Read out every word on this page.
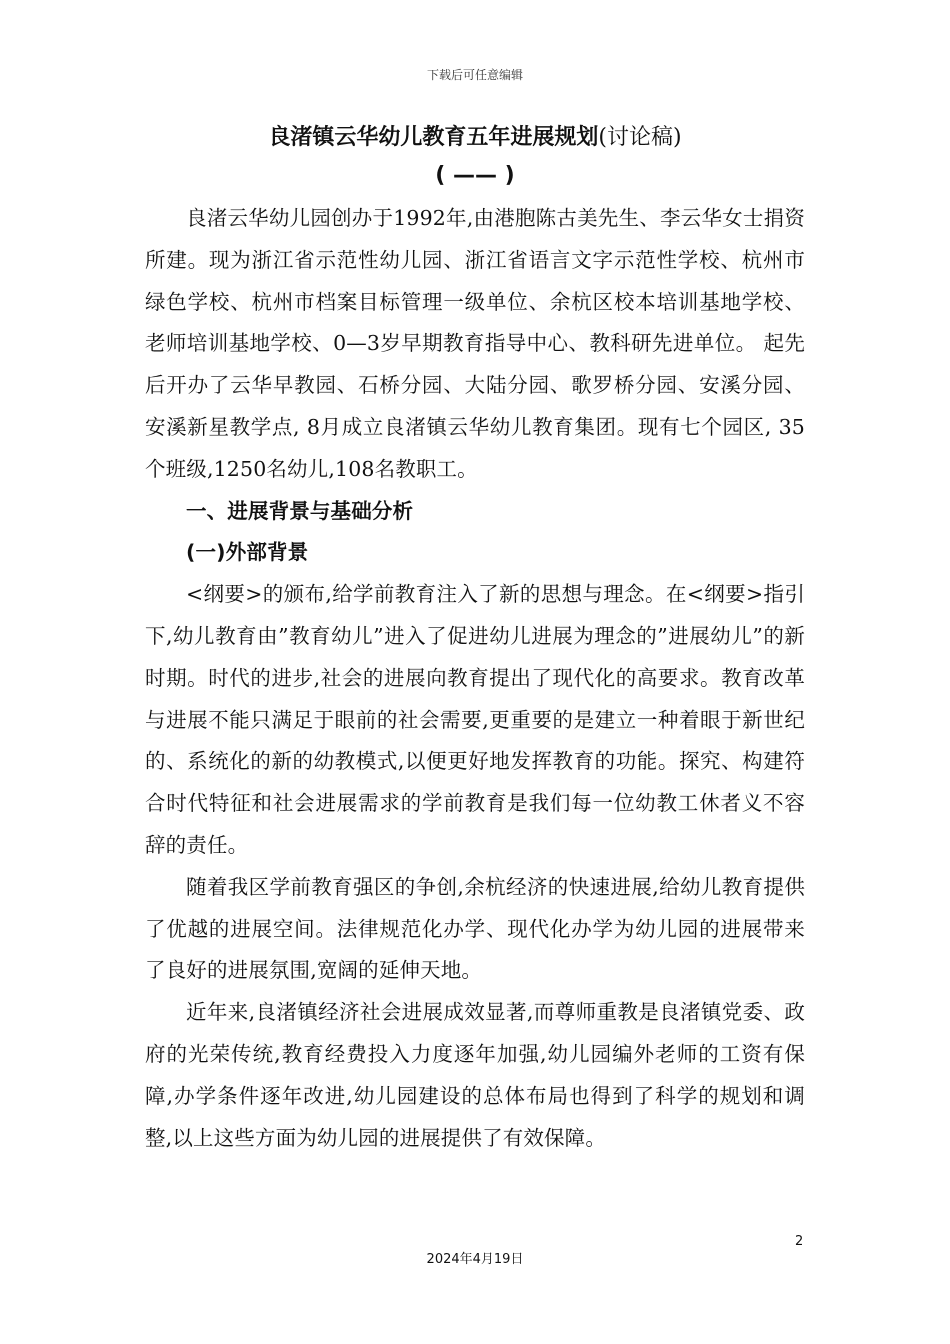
下载后可任意编辑
良渚镇云华幼儿教育五年进展规划(讨论稿)
( —— )

良渚云华幼儿园创办于1992年,由港胞陈古美先生、李云华女士捐资所建。现为浙江省示范性幼儿园、浙江省语言文字示范性学校、杭州市绿色学校、杭州市档案目标管理一级单位、余杭区校本培训基地学校、老师培训基地学校、0—3岁早期教育指导中心、教科研先进单位。 起先后开办了云华早教园、石桥分园、大陆分园、歌罗桥分园、安溪分园、安溪新星教学点, 8月成立良渚镇云华幼儿教育集团。现有七个园区, 35个班级,1250名幼儿,108名教职工。

一、进展背景与基础分析
(一)外部背景

<纲要>的颁布,给学前教育注入了新的思想与理念。在<纲要>指引下,幼儿教育由”教育幼儿”进入了促进幼儿进展为理念的”进展幼儿”的新时期。时代的进步,社会的进展向教育提出了现代化的高要求。教育改革与进展不能只满足于眼前的社会需要,更重要的是建立一种着眼于新世纪的、系统化的新的幼教模式,以便更好地发挥教育的功能。探究、构建符合时代特征和社会进展需求的学前教育是我们每一位幼教工休者义不容辞的责任。

随着我区学前教育强区的争创,余杭经济的快速进展,给幼儿教育提供了优越的进展空间。法律规范化办学、现代化办学为幼儿园的进展带来了良好的进展氛围,宽阔的延伸天地。

近年来,良渚镇经济社会进展成效显著,而尊师重教是良渚镇党委、政府的光荣传统,教育经费投入力度逐年加强,幼儿园编外老师的工资有保障,办学条件逐年改进,幼儿园建设的总体布局也得到了科学的规划和调整,以上这些方面为幼儿园的进展提供了有效保障。

2
2024年4月19日
